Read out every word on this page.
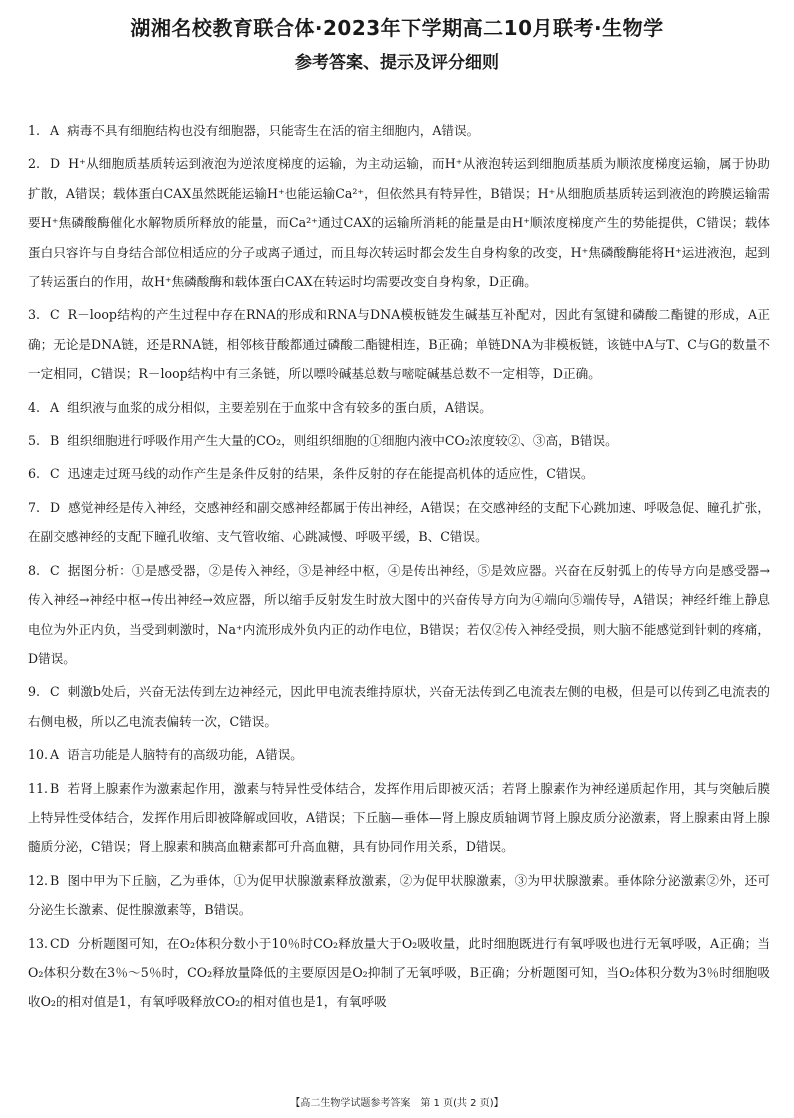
湖湘名校教育联合体·2023年下学期高二10月联考·生物学
参考答案、提示及评分细则

1. A 病毒不具有细胞结构也没有细胞器，只能寄生在活的宿主细胞内，A错误。

2. D H⁺从细胞质基质转运到液泡为逆浓度梯度的运输，为主动运输，而H⁺从液泡转运到细胞质基质为顺浓度梯度运输，属于协助扩散，A错误；载体蛋白CAX虽然既能运输H⁺也能运输Ca²⁺，但依然具有特异性，B错误；H⁺从细胞质基质转运到液泡的跨膜运输需要H⁺焦磷酸酶催化水解物质所释放的能量，而Ca²⁺通过CAX的运输所消耗的能量是由H⁺顺浓度梯度产生的势能提供，C错误；载体蛋白只容许与自身结合部位相适应的分子或离子通过，而且每次转运时都会发生自身构象的改变，H⁺焦磷酸酶能将H⁺运进液泡，起到了转运蛋白的作用，故H⁺焦磷酸酶和载体蛋白CAX在转运时均需要改变自身构象，D正确。

3. C R－loop结构的产生过程中存在RNA的形成和RNA与DNA模板链发生碱基互补配对，因此有氢键和磷酸二酯键的形成，A正确；无论是DNA链，还是RNA链，相邻核苷酸都通过磷酸二酯键相连，B正确；单链DNA为非模板链，该链中A与T、C与G的数量不一定相同，C错误；R－loop结构中有三条链，所以嘌呤碱基总数与嘧啶碱基总数不一定相等，D正确。

4. A 组织液与血浆的成分相似，主要差别在于血浆中含有较多的蛋白质，A错误。

5. B 组织细胞进行呼吸作用产生大量的CO₂，则组织细胞的①细胞内液中CO₂浓度较②、③高，B错误。

6. C 迅速走过斑马线的动作产生是条件反射的结果，条件反射的存在能提高机体的适应性，C错误。

7. D 感觉神经是传入神经，交感神经和副交感神经都属于传出神经，A错误；在交感神经的支配下心跳加速、呼吸急促、瞳孔扩张，在副交感神经的支配下瞳孔收缩、支气管收缩、心跳减慢、呼吸平缓，B、C错误。

8. C 据图分析：①是感受器，②是传入神经，③是神经中枢，④是传出神经，⑤是效应器。兴奋在反射弧上的传导方向是感受器→传入神经→神经中枢→传出神经→效应器，所以缩手反射发生时放大图中的兴奋传导方向为④端向⑤端传导，A错误；神经纤维上静息电位为外正内负，当受到刺激时，Na⁺内流形成外负内正的动作电位，B错误；若仅②传入神经受损，则大脑不能感觉到针刺的疼痛，D错误。

9. C 刺激b处后，兴奋无法传到左边神经元，因此甲电流表维持原状，兴奋无法传到乙电流表左侧的电极，但是可以传到乙电流表的右侧电极，所以乙电流表偏转一次，C错误。

10. A 语言功能是人脑特有的高级功能，A错误。

11. B 若肾上腺素作为激素起作用，激素与特异性受体结合，发挥作用后即被灭活；若肾上腺素作为神经递质起作用，其与突触后膜上特异性受体结合，发挥作用后即被降解或回收，A错误；下丘脑—垂体—肾上腺皮质轴调节肾上腺皮质分泌激素，肾上腺素由肾上腺髓质分泌，C错误；肾上腺素和胰高血糖素都可升高血糖，具有协同作用关系，D错误。

12. B 图中甲为下丘脑，乙为垂体，①为促甲状腺激素释放激素，②为促甲状腺激素，③为甲状腺激素。垂体除分泌激素②外，还可分泌生长激素、促性腺激素等，B错误。

13. CD 分析题图可知，在O₂体积分数小于10％时CO₂释放量大于O₂吸收量，此时细胞既进行有氧呼吸也进行无氧呼吸，A正确；当O₂体积分数在3％～5％时，CO₂释放量降低的主要原因是O₂抑制了无氧呼吸，B正确；分析题图可知，当O₂体积分数为3％时细胞吸收O₂的相对值是1，有氧呼吸释放CO₂的相对值也是1，有氧呼吸

【高二生物学试题参考答案　第 1 页(共 2 页)】
